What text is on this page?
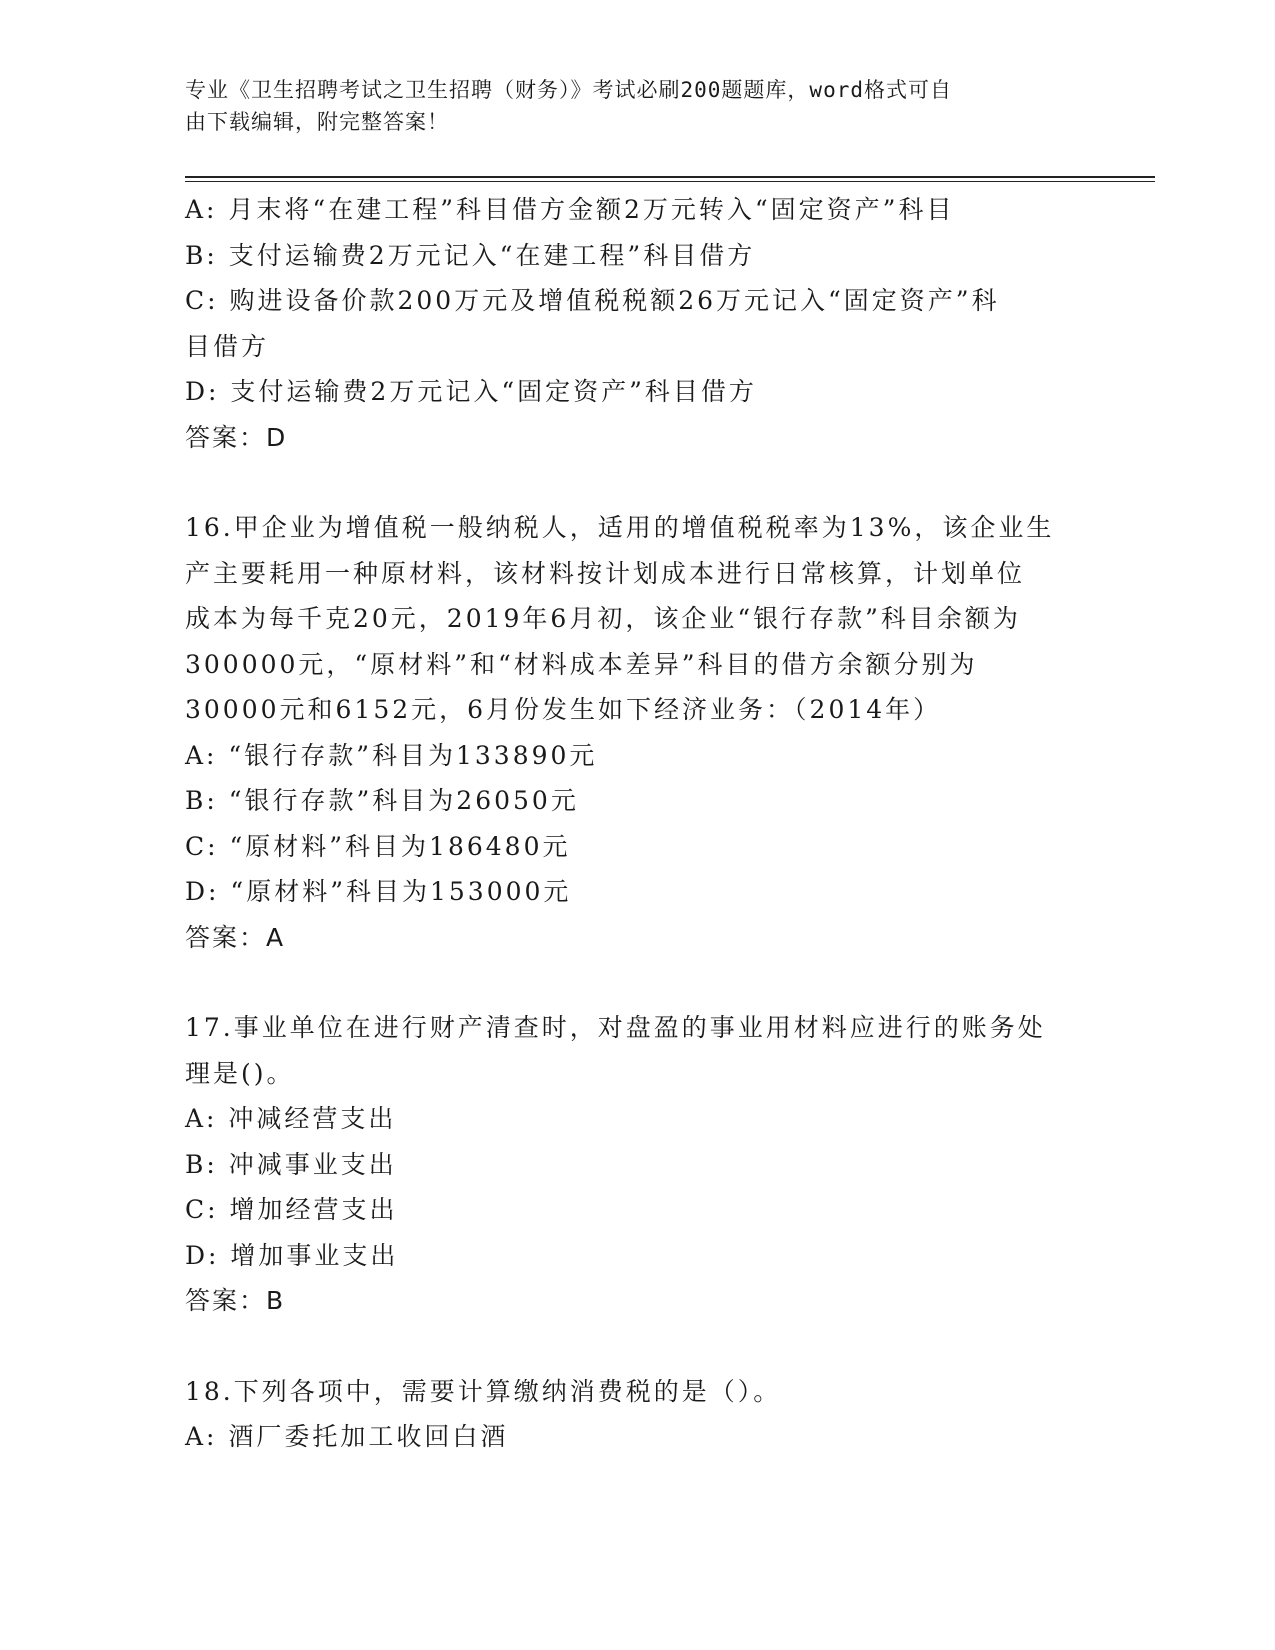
专业《卫生招聘考试之卫生招聘（财务）》考试必刷200题题库，word格式可自
由下载编辑，附完整答案！
A: 月末将“在建工程”科目借方金额2万元转入“固定资产”科目
B: 支付运输费2万元记入“在建工程”科目借方
C: 购进设备价款200万元及增值税税额26万元记入“固定资产”科
目借方
D: 支付运输费2万元记入“固定资产”科目借方
答案：D
16.甲企业为增值税一般纳税人，适用的增值税税率为13%，该企业生
产主要耗用一种原材料，该材料按计划成本进行日常核算，计划单位
成本为每千克20元，2019年6月初，该企业“银行存款”科目余额为
300000元，“原材料”和“材料成本差异”科目的借方余额分别为
30000元和6152元，6月份发生如下经济业务：（2014年）
A: “银行存款”科目为133890元
B: “银行存款”科目为26050元
C: “原材料”科目为186480元
D: “原材料”科目为153000元
答案：A
17.事业单位在进行财产清查时，对盘盈的事业用材料应进行的账务处
理是()。
A: 冲减经营支出
B: 冲减事业支出
C: 增加经营支出
D: 增加事业支出
答案：B
18.下列各项中，需要计算缴纳消费税的是（）。
A: 酒厂委托加工收回白酒
